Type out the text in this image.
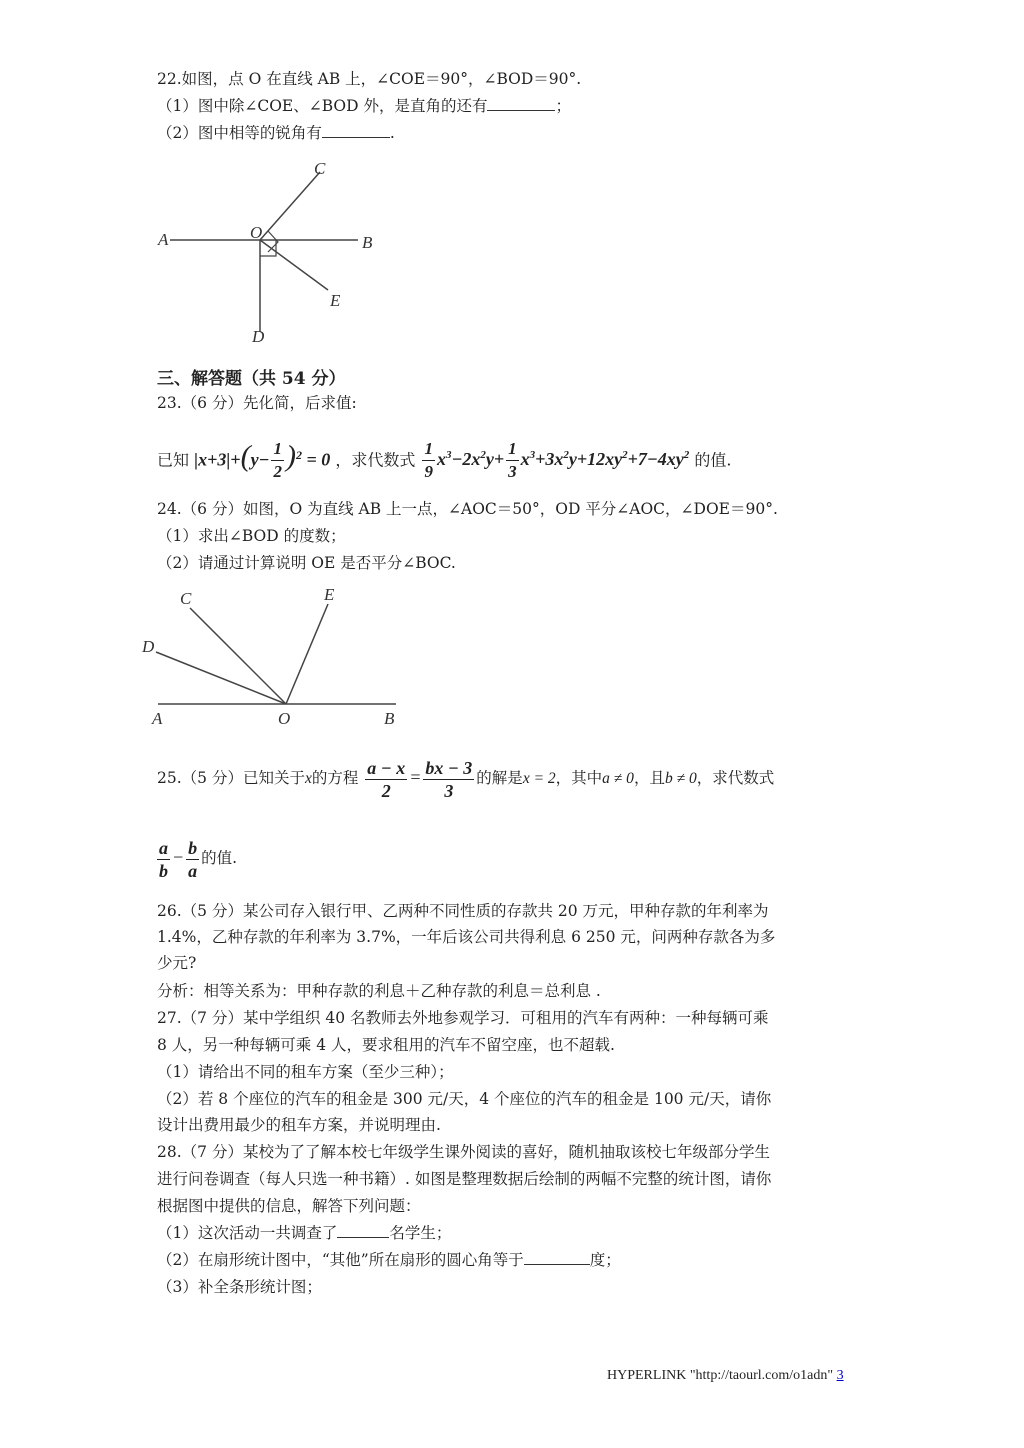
22.如图，点 O 在直线 AB 上，∠COE＝90°，∠BOD＝90°.
（1）图中除∠COE、∠BOD 外，是直角的还有	；
（2）图中相等的锐角有	.
A	B
C
D
E
O
三、解答题（共 54 分）
23.（6 分）先化简，后求值:
已知 $|x+3|+(y- \frac{1}{2} )^2 = 0$ ，求代数式 $\frac{1}{9} x^3-2x^2y+ \frac{1}{3} x^3+3x^2y+12xy^2+7-4xy^2$ 的值.
24.（6 分）如图，O 为直线 AB 上一点，∠AOC＝50°，OD 平分∠AOC，∠DOE＝90°.
（1）求出∠BOD 的度数；
（2）请通过计算说明 OE 是否平分∠BOC.
A	B
C
D
E
O
25.（5 分）已知关于x的方程 $\frac{a - x}{2} = \frac{bx - 3}{3}$ 的解是x = 2，其中a ≠ 0，且b ≠ 0，求代数式
$\frac{a}{b} - \frac{b}{a}$ 的值.
26.（5 分）某公司存入银行甲、乙两种不同性质的存款共 20 万元，甲种存款的年利率为
1.4%，乙种存款的年利率为 3.7%，一年后该公司共得利息 6 250 元，问两种存款各为多
少元?
分析：相等关系为：甲种存款的利息＋乙种存款的利息＝总利息 .
27.（7 分）某中学组织 40 名教师去外地参观学习．可租用的汽车有两种：一种每辆可乘
8 人，另一种每辆可乘 4 人，要求租用的汽车不留空座，也不超载.
（1）请给出不同的租车方案（至少三种）；
（2）若 8 个座位的汽车的租金是 300 元/天，4 个座位的汽车的租金是 100 元/天，请你
设计出费用最少的租车方案，并说明理由.
28.（7 分）某校为了了解本校七年级学生课外阅读的喜好，随机抽取该校七年级部分学生
进行问卷调查（每人只选一种书籍）. 如图是整理数据后绘制的两幅不完整的统计图，请你
根据图中提供的信息，解答下列问题：
（1）这次活动一共调查了	名学生；
（2）在扇形统计图中，“其他”所在扇形的圆心角等于	度；
（3）补全条形统计图；
HYPERLINK "http://taourl.com/o1adn" 3
